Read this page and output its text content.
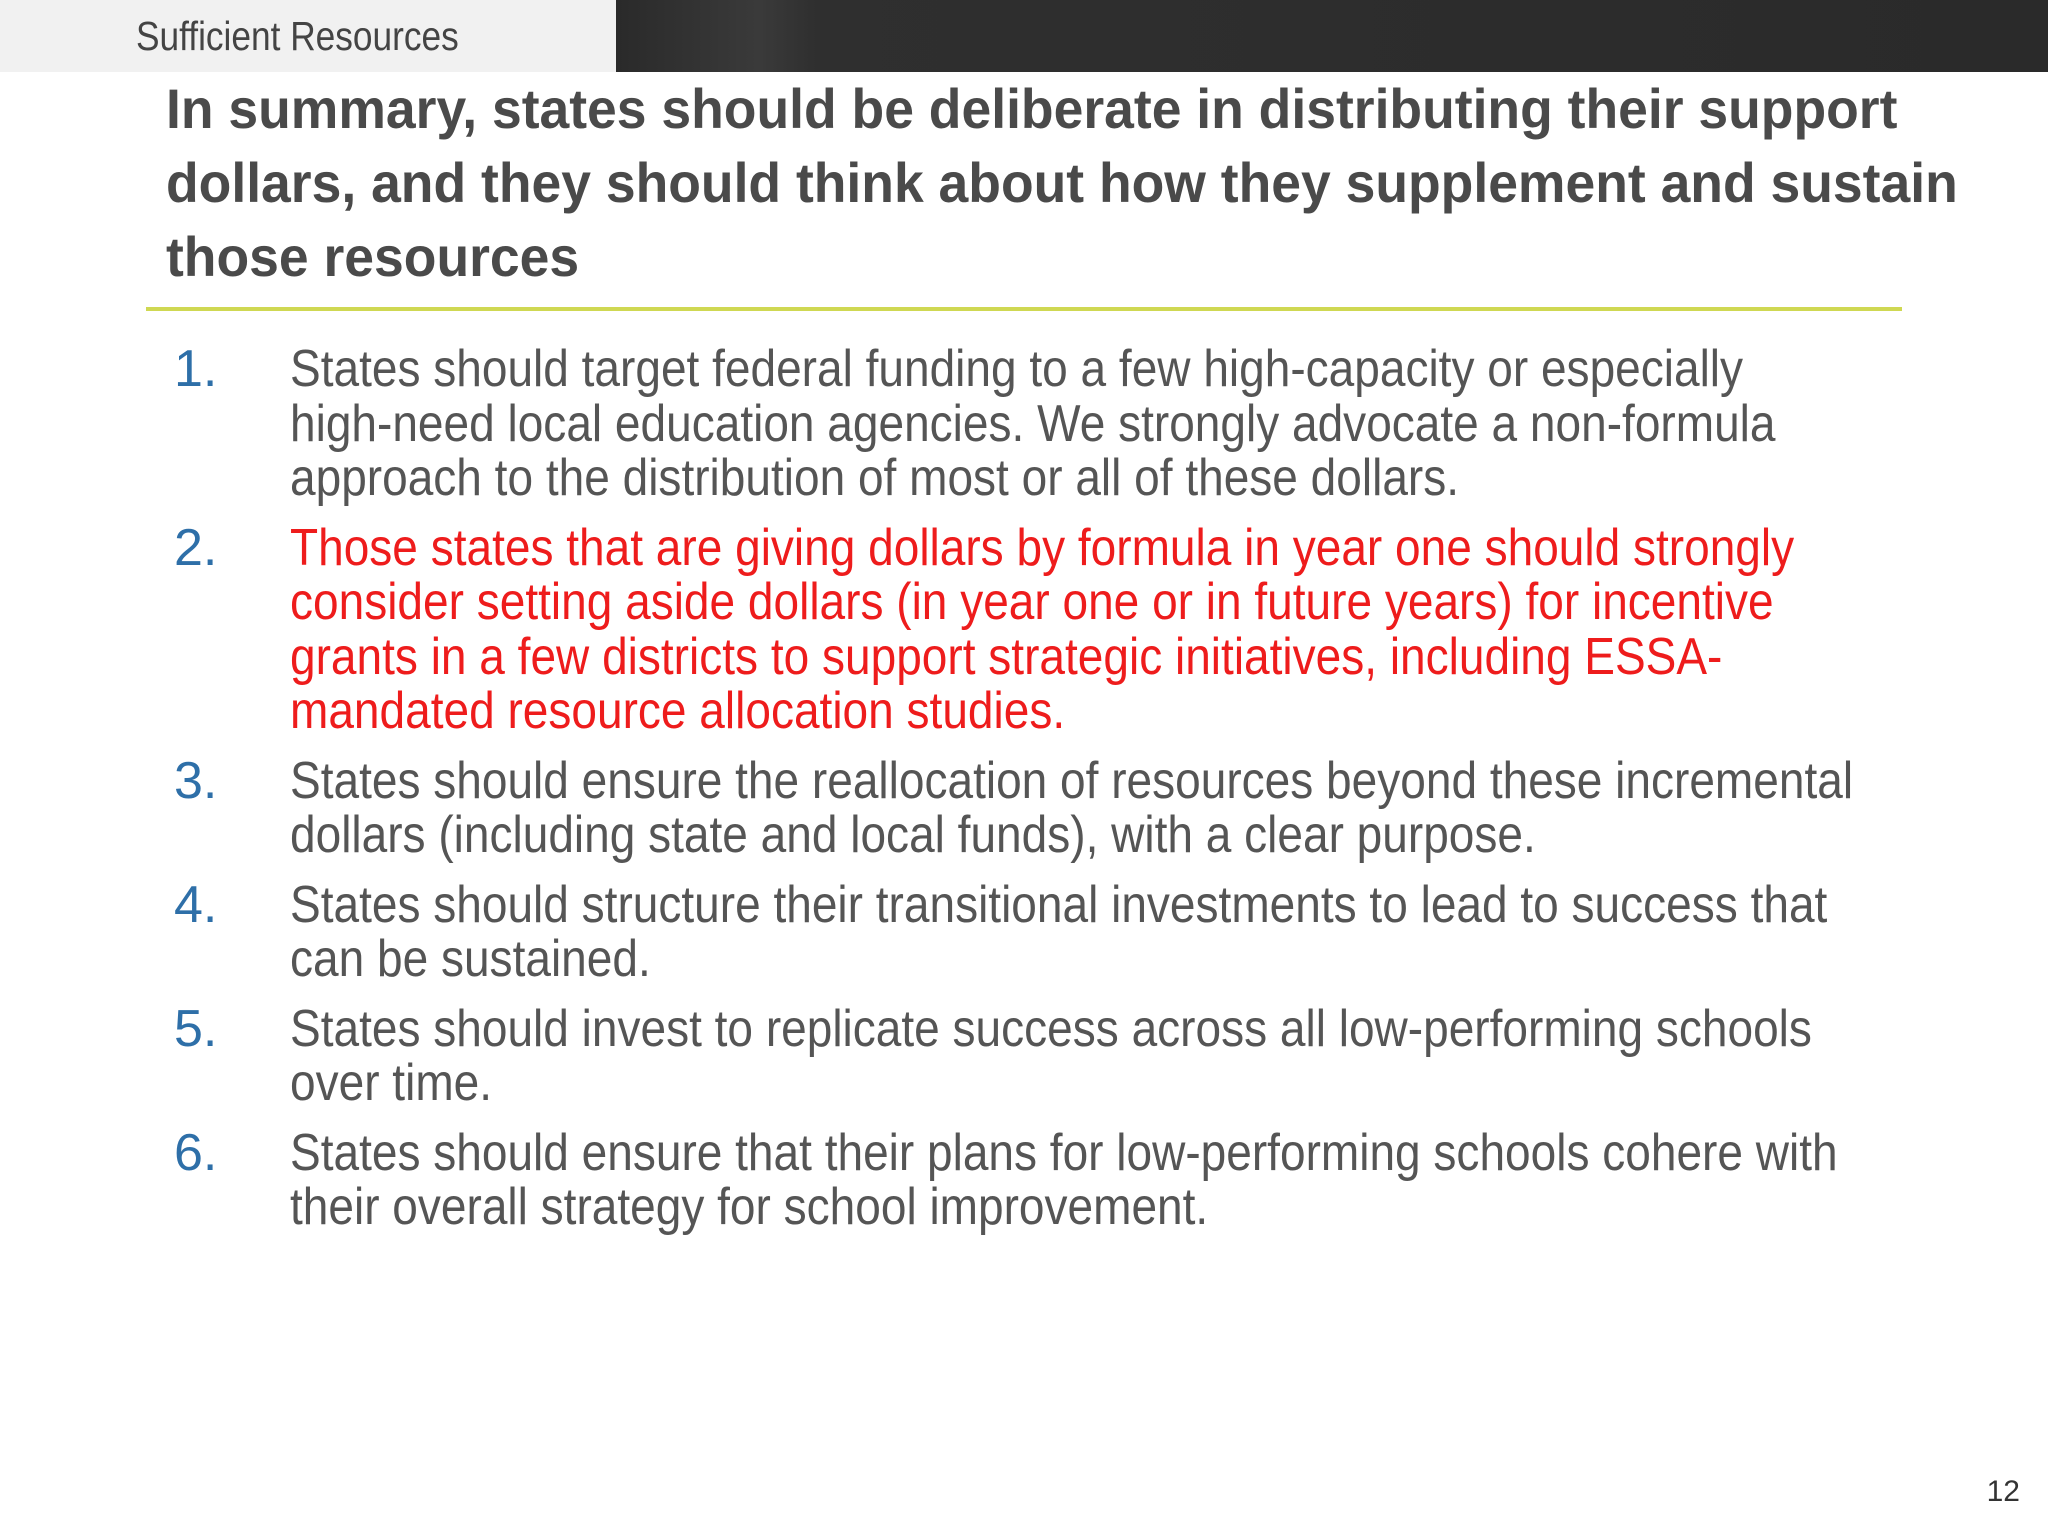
Sufficient Resources
In summary, states should be deliberate in distributing their support
dollars, and they should think about how they supplement and sustain
those resources
1. States should target federal funding to a few high-capacity or especially
high-need local education agencies. We strongly advocate a non-formula
approach to the distribution of most or all of these dollars.
2. Those states that are giving dollars by formula in year one should strongly
consider setting aside dollars (in year one or in future years) for incentive
grants in a few districts to support strategic initiatives, including ESSA-
mandated resource allocation studies.
3. States should ensure the reallocation of resources beyond these incremental
dollars (including state and local funds), with a clear purpose.
4. States should structure their transitional investments to lead to success that
can be sustained.
5. States should invest to replicate success across all low-performing schools
over time.
6. States should ensure that their plans for low-performing schools cohere with
their overall strategy for school improvement.
12
